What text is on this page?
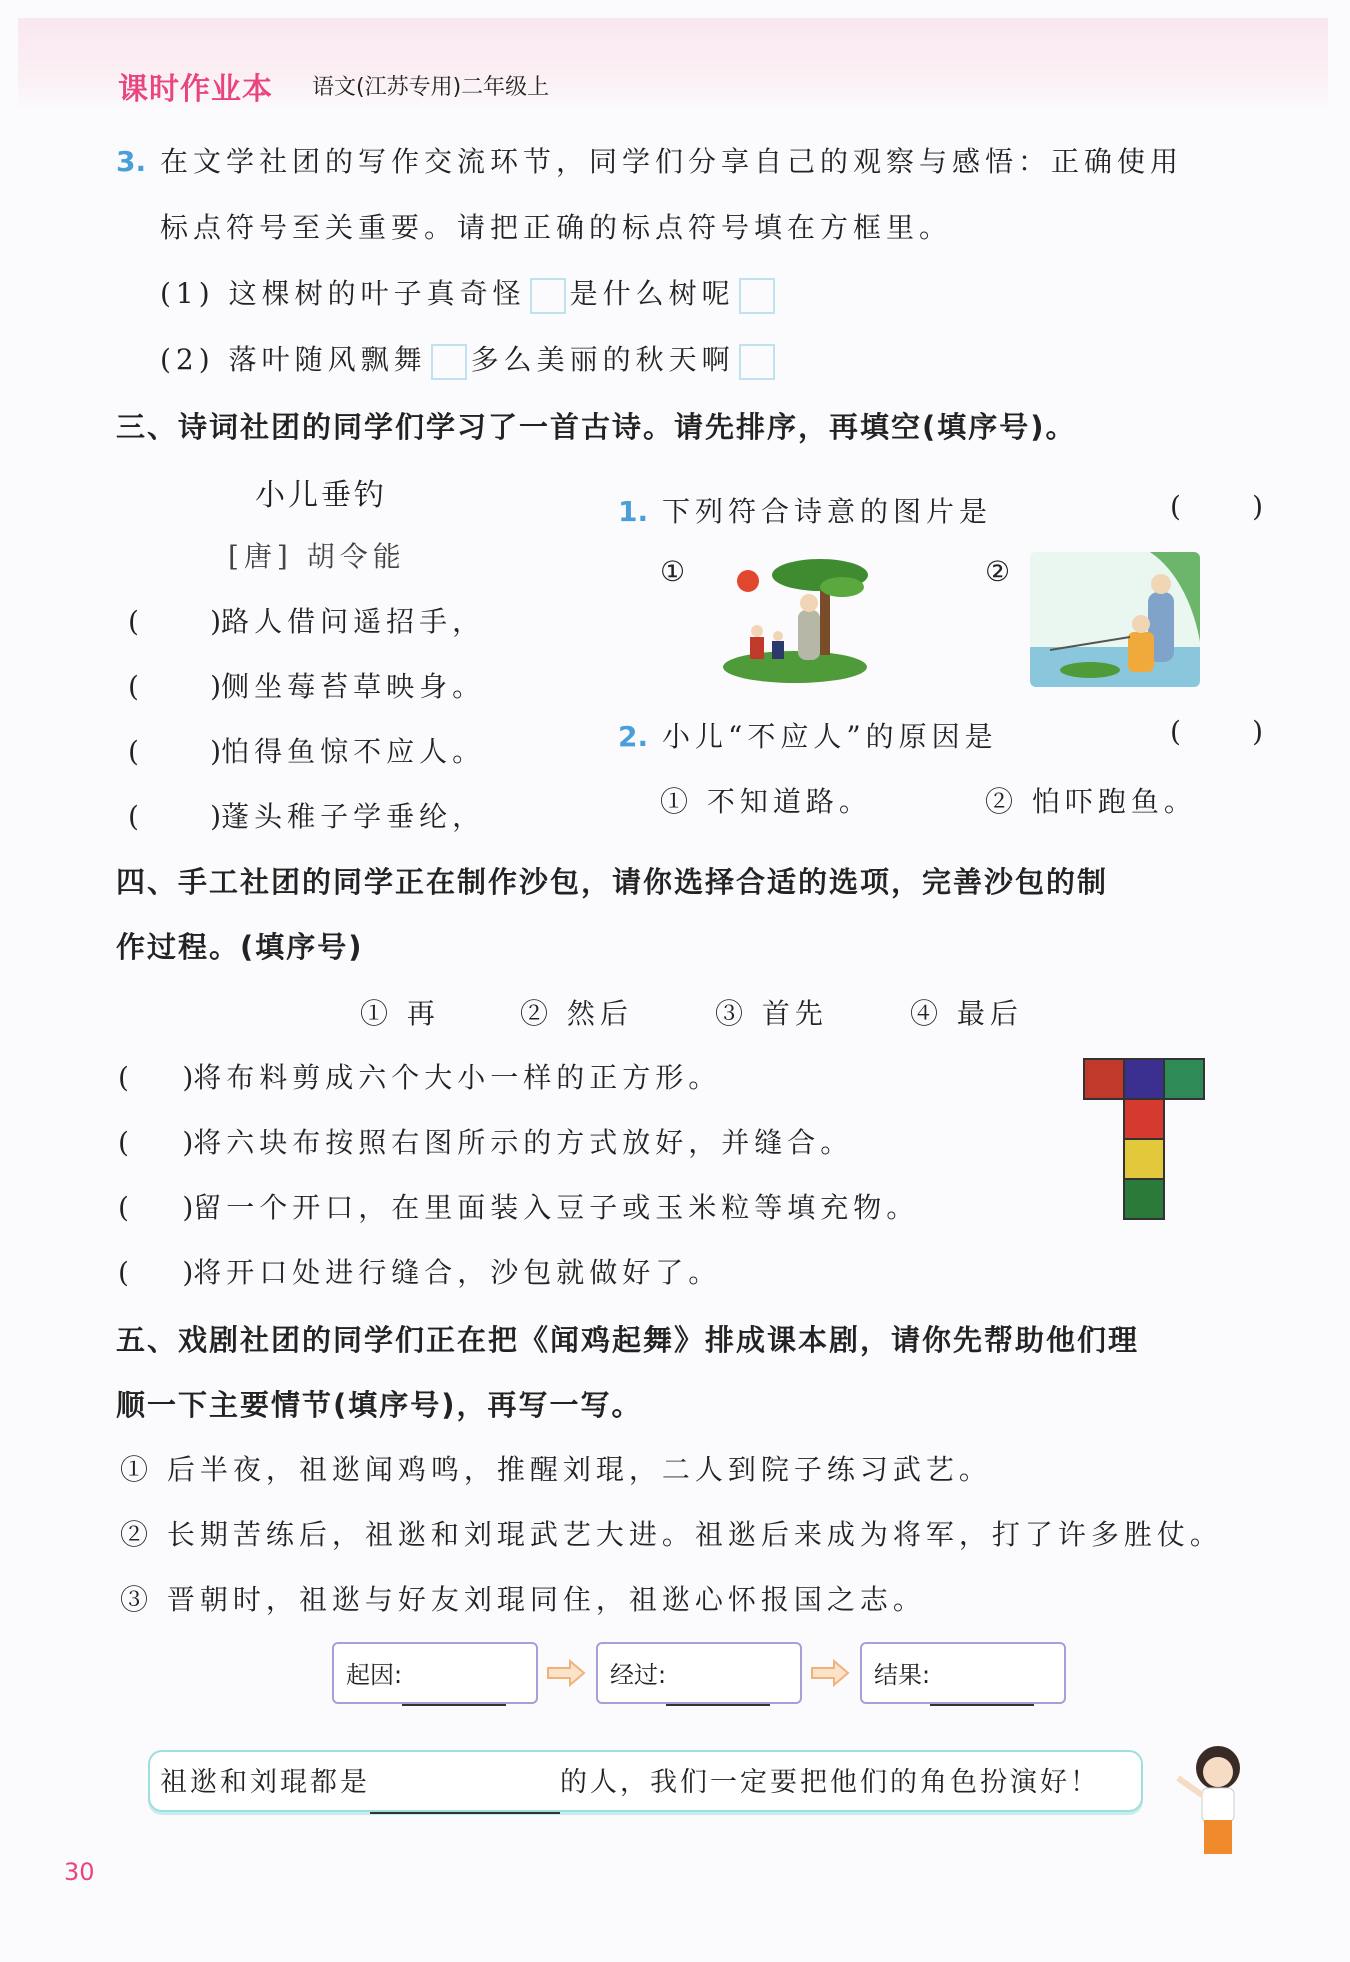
课时作业本 语文(江苏专用)二年级上
3. 在文学社团的写作交流环节，同学们分享自己的观察与感悟：正确使用
标点符号至关重要。请把正确的标点符号填在方框里。
(1) 这棵树的叶子真奇怪 是什么树呢
(2) 落叶随风飘舞 多么美丽的秋天啊
三、诗词社团的同学们学习了一首古诗。请先排序，再填空(填序号)。
小儿垂钓
[唐] 胡令能
(	)路人借问遥招手，
(	)侧坐莓苔草映身。
(	)怕得鱼惊不应人。
(	)蓬头稚子学垂纶，
1. 下列符合诗意的图片是	(        )
①	②
2. 小儿“不应人”的原因是	(        )
① 不知道路。	② 怕吓跑鱼。
四、手工社团的同学正在制作沙包，请你选择合适的选项，完善沙包的制
作过程。(填序号)
① 再	② 然后	③ 首先	④ 最后
( )将布料剪成六个大小一样的正方形。
( )将六块布按照右图所示的方式放好，并缝合。
( )留一个开口，在里面装入豆子或玉米粒等填充物。
( )将开口处进行缝合，沙包就做好了。
五、戏剧社团的同学们正在把《闻鸡起舞》排成课本剧，请你先帮助他们理
顺一下主要情节(填序号)，再写一写。
① 后半夜，祖逖闻鸡鸣，推醒刘琨，二人到院子练习武艺。
② 长期苦练后，祖逖和刘琨武艺大进。祖逖后来成为将军，打了许多胜仗。
③ 晋朝时，祖逖与好友刘琨同住，祖逖心怀报国之志。
起因:	经过:	结果:
祖逖和刘琨都是	的人，我们一定要把他们的角色扮演好！
30
